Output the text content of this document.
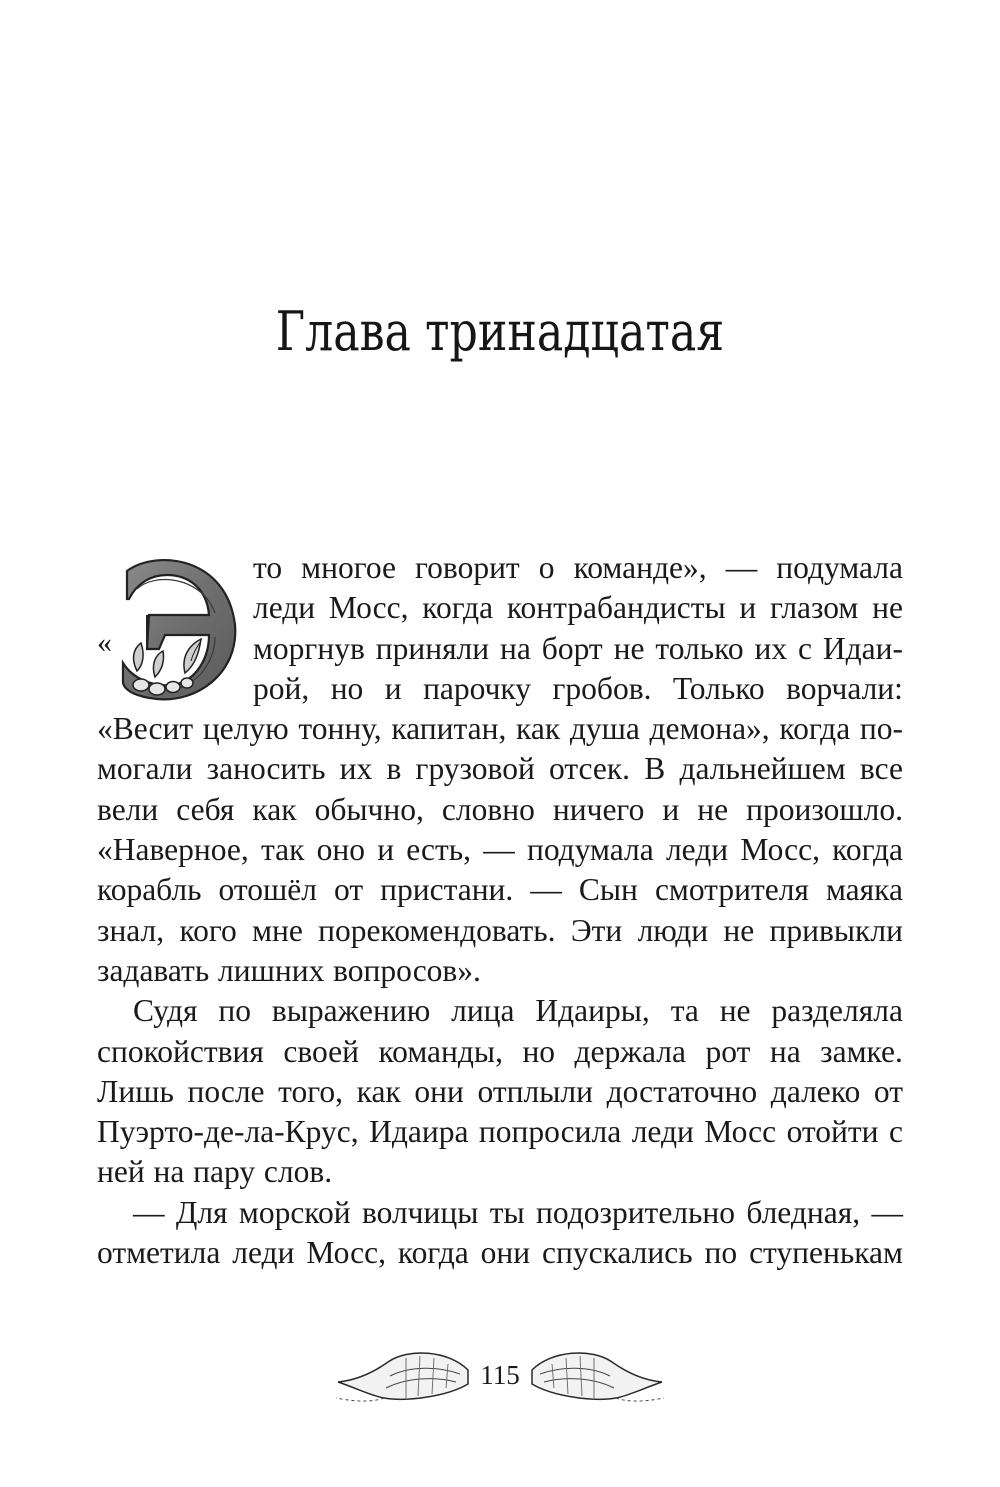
Глава тринадцатая
«
то многое говорит о команде», — подумала
леди Мосс, когда контрабандисты и глазом не
моргнув приняли на борт не только их с Идаи-
рой, но и парочку гробов. Только ворчали:
«Весит целую тонну, капитан, как душа демона», когда по-
могали заносить их в грузовой отсек. В дальнейшем все
вели себя как обычно, словно ничего и не произошло.
«Наверное, так оно и есть, — подумала леди Мосс, когда
корабль отошёл от пристани. — Сын смотрителя маяка
знал, кого мне порекомендовать. Эти люди не привыкли
задавать лишних вопросов».
Судя по выражению лица Идаиры, та не разделяла
спокойствия своей команды, но держала рот на замке.
Лишь после того, как они отплыли достаточно далеко от
Пуэрто-де-ла-Крус, Идаира попросила леди Мосс отойти с
ней на пару слов.
— Для морской волчицы ты подозрительно бледная, —
отметила леди Мосс, когда они спускались по ступенькам
115
